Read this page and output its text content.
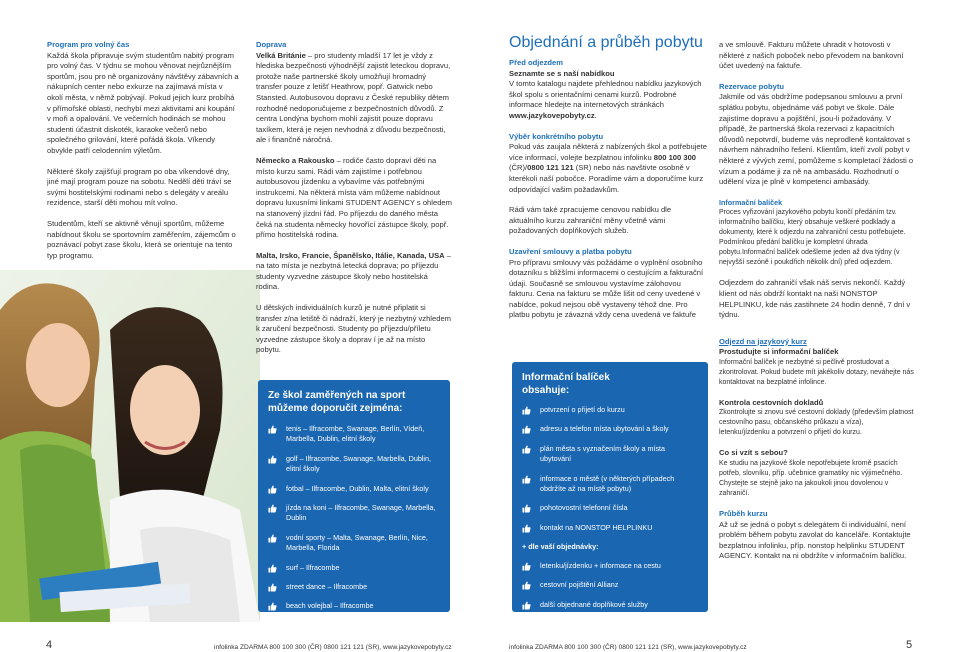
Program pro volný čas

Každá škola připravuje svým studentům nabitý program pro volný čas. V týdnu se mohou věnovat nejrůznějším sportům, jsou pro ně organizovány návštěvy zábavních a nákupních center nebo exkurze na zajímavá místa v okolí města, v němž pobývají. Pokud jejich kurz probíhá v přímořské oblasti, nechybí mezi aktivitami ani koupání v moři a opalování. Ve večerních hodinách se mohou studenti účastnit diskoték, karaoke večerů nebo společného grilování, které pořádá škola. Víkendy obvykle patří celodenním výletům.

Některé školy zajišťují program po oba víkendové dny, jiné mají program pouze na sobotu. Nedělí děti tráví se svými hostitelskými rodinami nebo s delegáty v areálu rezidence, starší děti mohou mít volno.

Studentům, kteří se aktivně věnují sportům, můžeme nabídnout školu se sportovním zaměřením, zájemcům o poznávací pobyt zase školu, která se orientuje na tento typ programu.

Doprava

Velká Británie – pro studenty mladší 17 let je vždy z hlediska bezpečnosti výhodnější zajistit leteckou dopravu, protože naše partnerské školy umožňují hromadný transfer pouze z letišť Heathrow, popř. Gatwick nebo Stansted. Autobusovou dopravu z České republiky dětem rozhodně nedoporučujeme z bezpečnostních důvodů. Z centra Londýna bychom mohli zajistit pouze dopravu taxíkem, která je nejen nevhodná z důvodu bezpečnosti, ale i finančně náročná.

Německo a Rakousko – rodiče často dopraví děti na místo kurzu sami. Rádi vám zajistíme i potřebnou autobusovou jízdenku a vybavíme vás potřebnými instrukcemi. Na některá místa vám můžeme nabídnout dopravu luxusními linkami STUDENT AGENCY s ohledem na stanovený jízdní řád. Po příjezdu do daného města čeká na studenta německy hovořící zástupce školy, popř. přímo hostitelská rodina.

Malta, Irsko, Francie, Španělsko, Itálie, Kanada, USA – na tato místa je nezbytná letecká doprava; po příjezdu studenty vyzvedne zástupce školy nebo hostitelská rodina.

U dětských individuálních kurzů je nutné připlatit si transfer z/na letiště či nádraží, který je nezbytný vzhledem k zaručení bezpečnosti. Studenty po příjezdu/příletu vyzvedne zástupce školy a doprav í je až na místo pobytu.

Ze škol zaměřených na sport můžeme doporučit zejména:
tenis – Ilfracombe, Swanage, Berlín, Vídeň, Marbella, Dublin, elitní školy
golf – Ilfracombe, Swanage, Marbella, Dublin, elitní školy
fotbal – Ilfracombe, Dublin, Malta, elitní školy
jízda na koni – Ilfracombe, Swanage, Marbella, Dublin
vodní sporty – Malta, Swanage, Berlín, Nice, Marbella, Florida
surf – Ilfracombe
street dance – Ilfracombe
beach volejbal – Ilfracombe
Objednání a průběh pobytu
Před odjezdem
Seznamte se s naší nabídkou

V tomto katalogu najdete přehlednou nabídku jazykových škol spolu s orientačními cenami kurzů. Podrobné informace hledejte na internetových stránkách www.jazykovepobyty.cz.

Výběr konkrétního pobytu

Pokud vás zaujala některá z nabízených škol a potřebujete více informací, volejte bezplatnou infolinku 800 100 300 (ČR)/0800 121 121 (SR) nebo nás navštivte osobně v kterékoli naší pobočce. Poradíme vám a doporučíme kurz odpovídající vašim požadavkům.

Rádi vám také zpracujeme cenovou nabídku dle aktuálního kurzu zahraniční měny včetně vámi požadovaných doplňkových služeb.

Uzavření smlouvy a platba pobytu

Pro přípravu smlouvy vás požádáme o vyplnění osobního dotazníku s bližšími informacemi o cestujícím a fakturační údaji. Současně se smlouvou vystavíme zálohovou fakturu. Cena na fakturu se může lišit od ceny uvedené v nabídce, pokud nejsou obě vystaveny téhož dne. Pro platbu pobytu je závazná vždy cena uvedená ve faktuře

Informační balíček obsahuje:
potvrzení o přijetí do kurzu
adresu a telefon místa ubytování a školy
plán města s vyznačením školy a místa ubytování
informace o městě (v některých případech obdržíte až na místě pobytu)
pohotovostní telefonní čísla
kontakt na NONSTOP HELPLINKU
+ dle vaší objednávky:
letenku/jízdenku + informace na cestu
cestovní pojištění Allianz
další objednané doplňkové služby

a ve smlouvě. Fakturu můžete uhradit v hotovosti v některé z našich poboček nebo převodem na bankovní účet uvedený na faktuře.

Rezervace pobytu

Jakmile od vás obdržíme podepsanou smlouvu a první splátku pobytu, objednáme váš pobyt ve škole. Dále zajistíme dopravu a pojištění, jsou-li požadovány. V případě, že partnerská škola rezervaci z kapacitních důvodů nepotvrdí, budeme vás neprodleně kontaktovat s návrhem náhradního řešení. Klientům, kteří zvolí pobyt v některé z vývých zemí, pomůžeme s kompletací žádosti o vízum a podáme ji za ně na ambasádu. Rozhodnutí o udělení víza je plně v kompetenci ambasády.

Informační balíček

Proces vyřizování jazykového pobytu končí předáním tzv. informačního balíčku, který obsahuje veškeré podklady a dokumenty, které k odjezdu na zahraniční cestu potřebujete. Podmínkou předání balíčku je kompletní úhrada pobytu.Informační balíček odešleme jeden až dva týdny (v nejvyšší sezóně i poukdřich několik dní) před odjezdem.

Odjezdem do zahraničí však náš servis nekončí. Každý klient od nás obdrží kontakt na naši NONSTOP HELPLINKU, kde nás zastihnete 24 hodin denně, 7 dní v týdnu.

Odjezd na jazykový kurz
Prostudujte si informační balíček

Informační balíček je nezbytné si pečlivě prostudovat a zkontrolovat. Pokud budete mít jakékoliv dotazy, neváhejte nás kontaktovat na bezplatné infolince.

Kontrola cestovních dokladů

Zkontrolujte si znovu své cestovní doklady (především platnost cestovního pasu, občanského průkazu a víza), letenku/jízdenku a potvrzení o přijetí do kurzu.

Co si vzít s sebou?

Ke studiu na jazykové škole nepotřebujete kromě psacích potřeb, slovníku, příp. učebnice gramatiky nic výjimečného. Chystejte se stejně jako na jakoukoli jinou dovolenou v zahraničí.

Průběh kurzu

Až už se jedná o pobyt s delegátem či individuální, není problém během pobytu zavolat do kanceláře. Kontaktujte bezplatnou infolinku, příp. nonstop helplinku STUDENT AGENCY. Kontakt na ni obdržíte v informačním balíčku.

4	infolinka ZDARMA 800 100 300 (ČR) 0800 121 121 (SR), www.jazykovepobyty.cz	infolinka ZDARMA 800 100 300 (ČR) 0800 121 121 (SR), www.jazykovepobyty.cz	5
